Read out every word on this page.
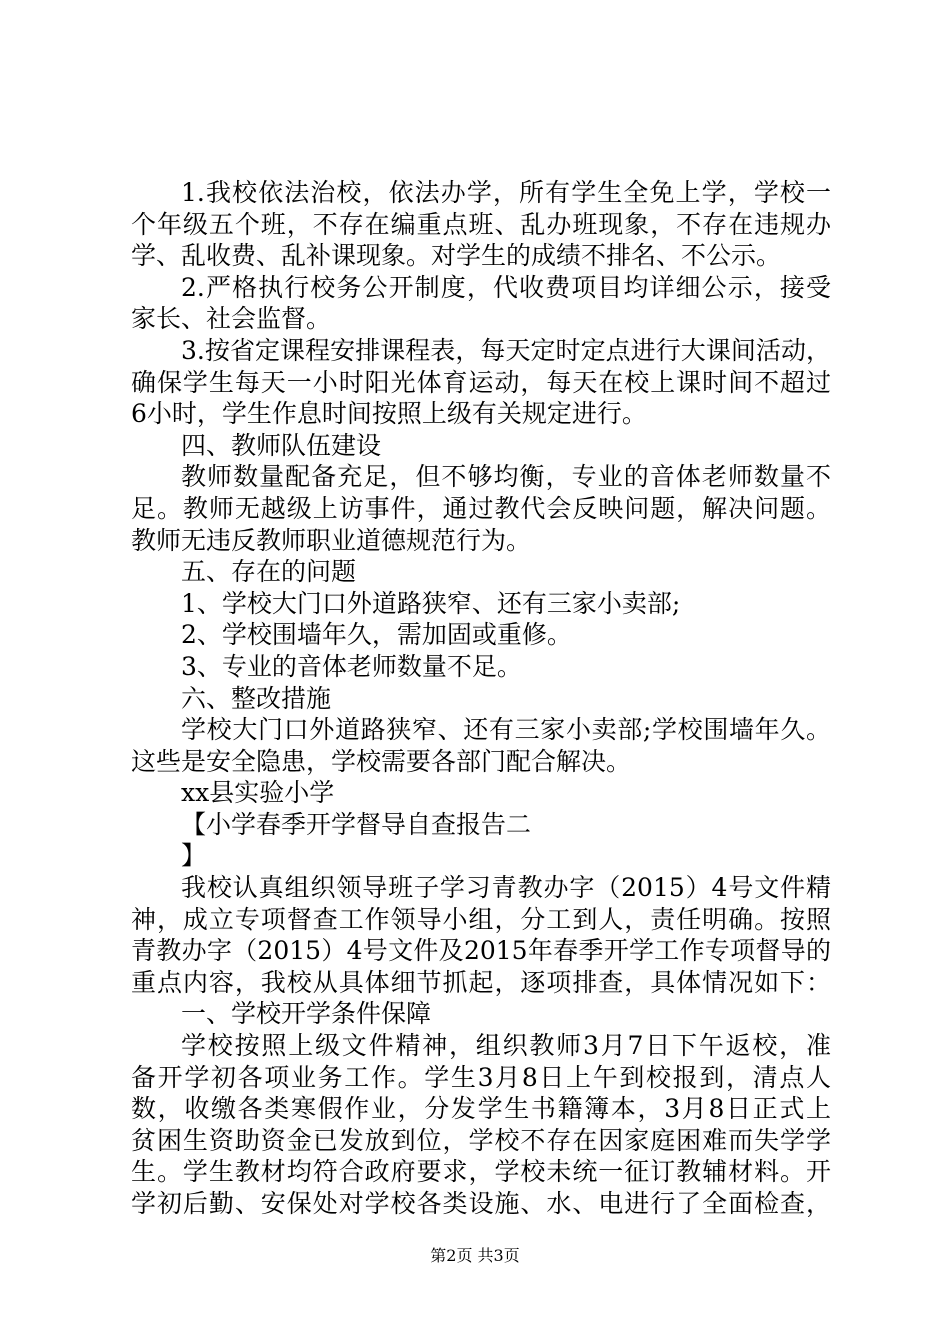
1.我校依法治校，依法办学，所有学生全免上学，学校一
个年级五个班，不存在编重点班、乱办班现象，不存在违规办
学、乱收费、乱补课现象。对学生的成绩不排名、不公示。
2.严格执行校务公开制度，代收费项目均详细公示，接受
家长、社会监督。
3.按省定课程安排课程表，每天定时定点进行大课间活动，
确保学生每天一小时阳光体育运动，每天在校上课时间不超过
6小时，学生作息时间按照上级有关规定进行。
四、教师队伍建设
教师数量配备充足，但不够均衡，专业的音体老师数量不
足。教师无越级上访事件，通过教代会反映问题，解决问题。
教师无违反教师职业道德规范行为。
五、存在的问题
1、学校大门口外道路狭窄、还有三家小卖部;
2、学校围墙年久，需加固或重修。
3、专业的音体老师数量不足。
六、整改措施
学校大门口外道路狭窄、还有三家小卖部;学校围墙年久。
这些是安全隐患，学校需要各部门配合解决。
xx县实验小学
【小学春季开学督导自查报告二
】
我校认真组织领导班子学习青教办字（2015）4号文件精
神，成立专项督查工作领导小组，分工到人，责任明确。按照
青教办字（2015）4号文件及2015年春季开学工作专项督导的
重点内容，我校从具体细节抓起，逐项排查，具体情况如下：
一、学校开学条件保障
学校按照上级文件精神，组织教师3月7日下午返校，准
备开学初各项业务工作。学生3月8日上午到校报到，清点人
数，收缴各类寒假作业，分发学生书籍簿本，3月8日正式上
贫困生资助资金已发放到位，学校不存在因家庭困难而失学学
生。学生教材均符合政府要求，学校未统一征订教辅材料。开
学初后勤、安保处对学校各类设施、水、电进行了全面检查，
第2页 共3页
